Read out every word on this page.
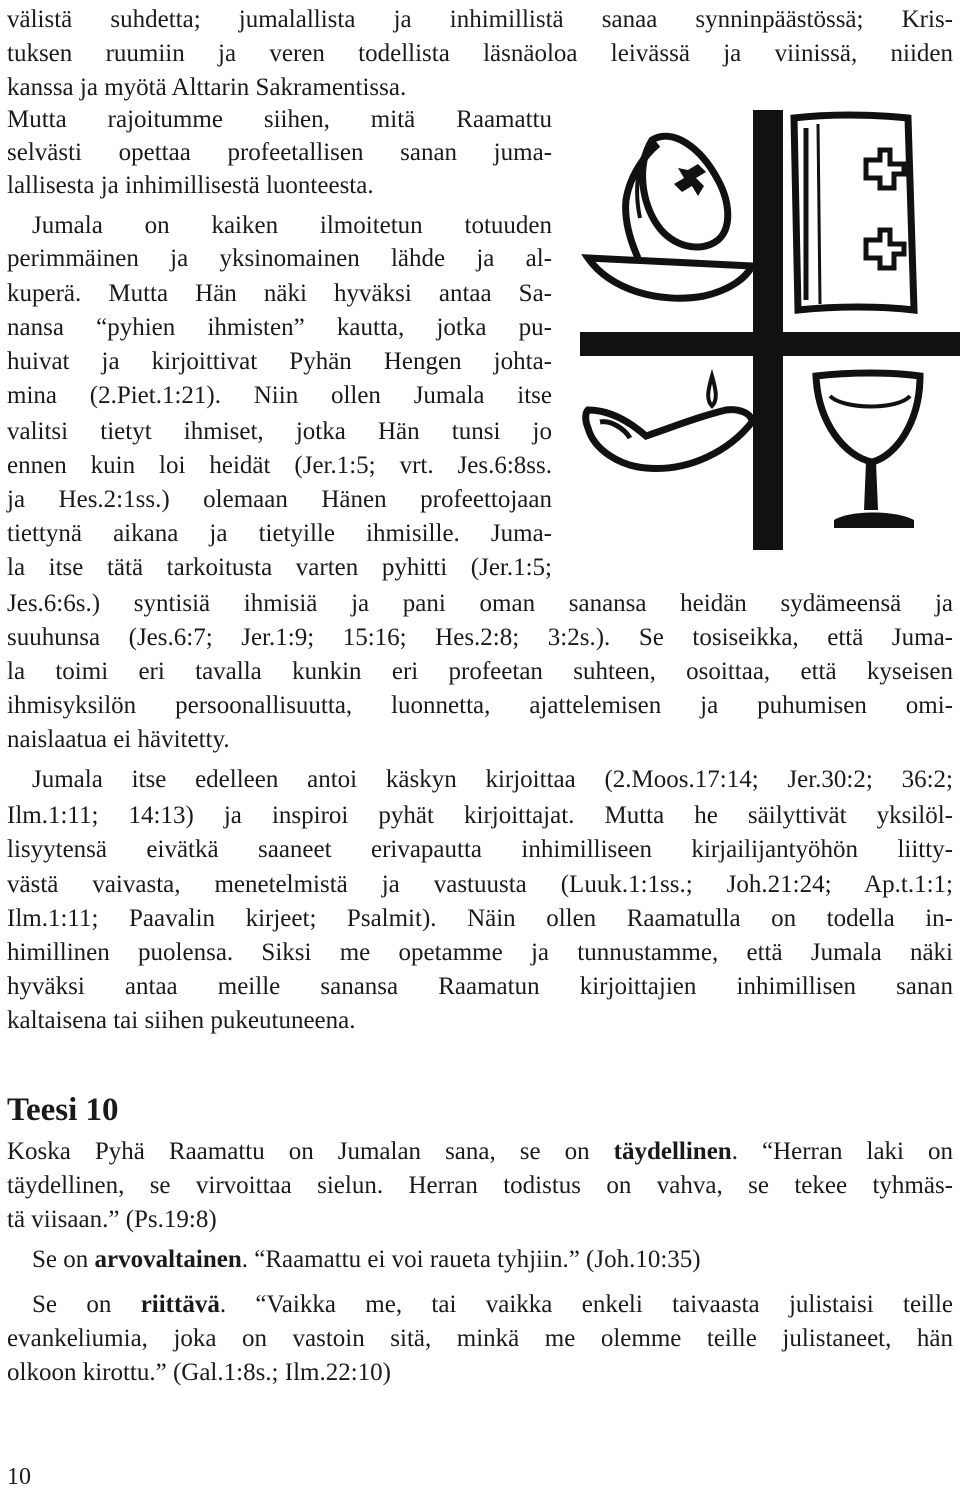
välistä suhdetta; jumalallista ja inhimillistä sanaa synninpäästössä; Kris-

tuksen ruumiin ja veren todellista läsnäoloa leivässä ja viinissä, niiden

kanssa ja myötä Alttarin Sakramentissa.

Mutta rajoitumme siihen, mitä Raamattu

selvästi opettaa profeetallisen sanan juma-

lallisesta ja inhimillisestä luonteesta.

Jumala on kaiken ilmoitetun totuuden

perimmäinen ja yksinomainen lähde ja al-

kuperä. Mutta Hän näki hyväksi antaa Sa-

nansa “pyhien ihmisten” kautta, jotka pu-

huivat ja kirjoittivat Pyhän Hengen johta-

mina (2.Piet.1:21). Niin ollen Jumala itse

valitsi tietyt ihmiset, jotka Hän tunsi jo

ennen kuin loi heidät (Jer.1:5; vrt. Jes.6:8ss.

ja Hes.2:1ss.) olemaan Hänen profeettojaan

tiettynä aikana ja tietyille ihmisille. Juma-

la itse tätä tarkoitusta varten pyhitti (Jer.1:5;

Jes.6:6s.) syntisiä ihmisiä ja pani oman sanansa heidän sydämeensä ja

suuhunsa (Jes.6:7; Jer.1:9; 15:16; Hes.2:8; 3:2s.). Se tosiseikka, että Juma-

la toimi eri tavalla kunkin eri profeetan suhteen, osoittaa, että kyseisen

ihmisyksilön persoonallisuutta, luonnetta, ajattelemisen ja puhumisen omi-

naislaatua ei hävitetty.

Jumala itse edelleen antoi käskyn kirjoittaa (2.Moos.17:14; Jer.30:2; 36:2;

Ilm.1:11; 14:13) ja inspiroi pyhät kirjoittajat. Mutta he säilyttivät yksilöl-

lisyytensä eivätkä saaneet erivapautta inhimilliseen kirjailijantyöhön liitty-

västä vaivasta, menetelmistä ja vastuusta (Luuk.1:1ss.; Joh.21:24; Ap.t.1:1;

Ilm.1:11; Paavalin kirjeet; Psalmit). Näin ollen Raamatulla on todella in-

himillinen puolensa. Siksi me opetamme ja tunnustamme, että Jumala näki

hyväksi antaa meille sanansa Raamatun kirjoittajien inhimillisen sanan

kaltaisena tai siihen pukeutuneena.

Teesi 10

Koska Pyhä Raamattu on Jumalan sana, se on täydellinen. “Herran laki on

täydellinen, se virvoittaa sielun. Herran todistus on vahva, se tekee tyhmäs-

tä viisaan.” (Ps.19:8)

Se on arvovaltainen. “Raamattu ei voi raueta tyhjiin.” (Joh.10:35)

Se on riittävä. “Vaikka me, tai vaikka enkeli taivaasta julistaisi teille

evankeliumia, joka on vastoin sitä, minkä me olemme teille julistaneet, hän

olkoon kirottu.” (Gal.1:8s.; Ilm.22:10)

10
